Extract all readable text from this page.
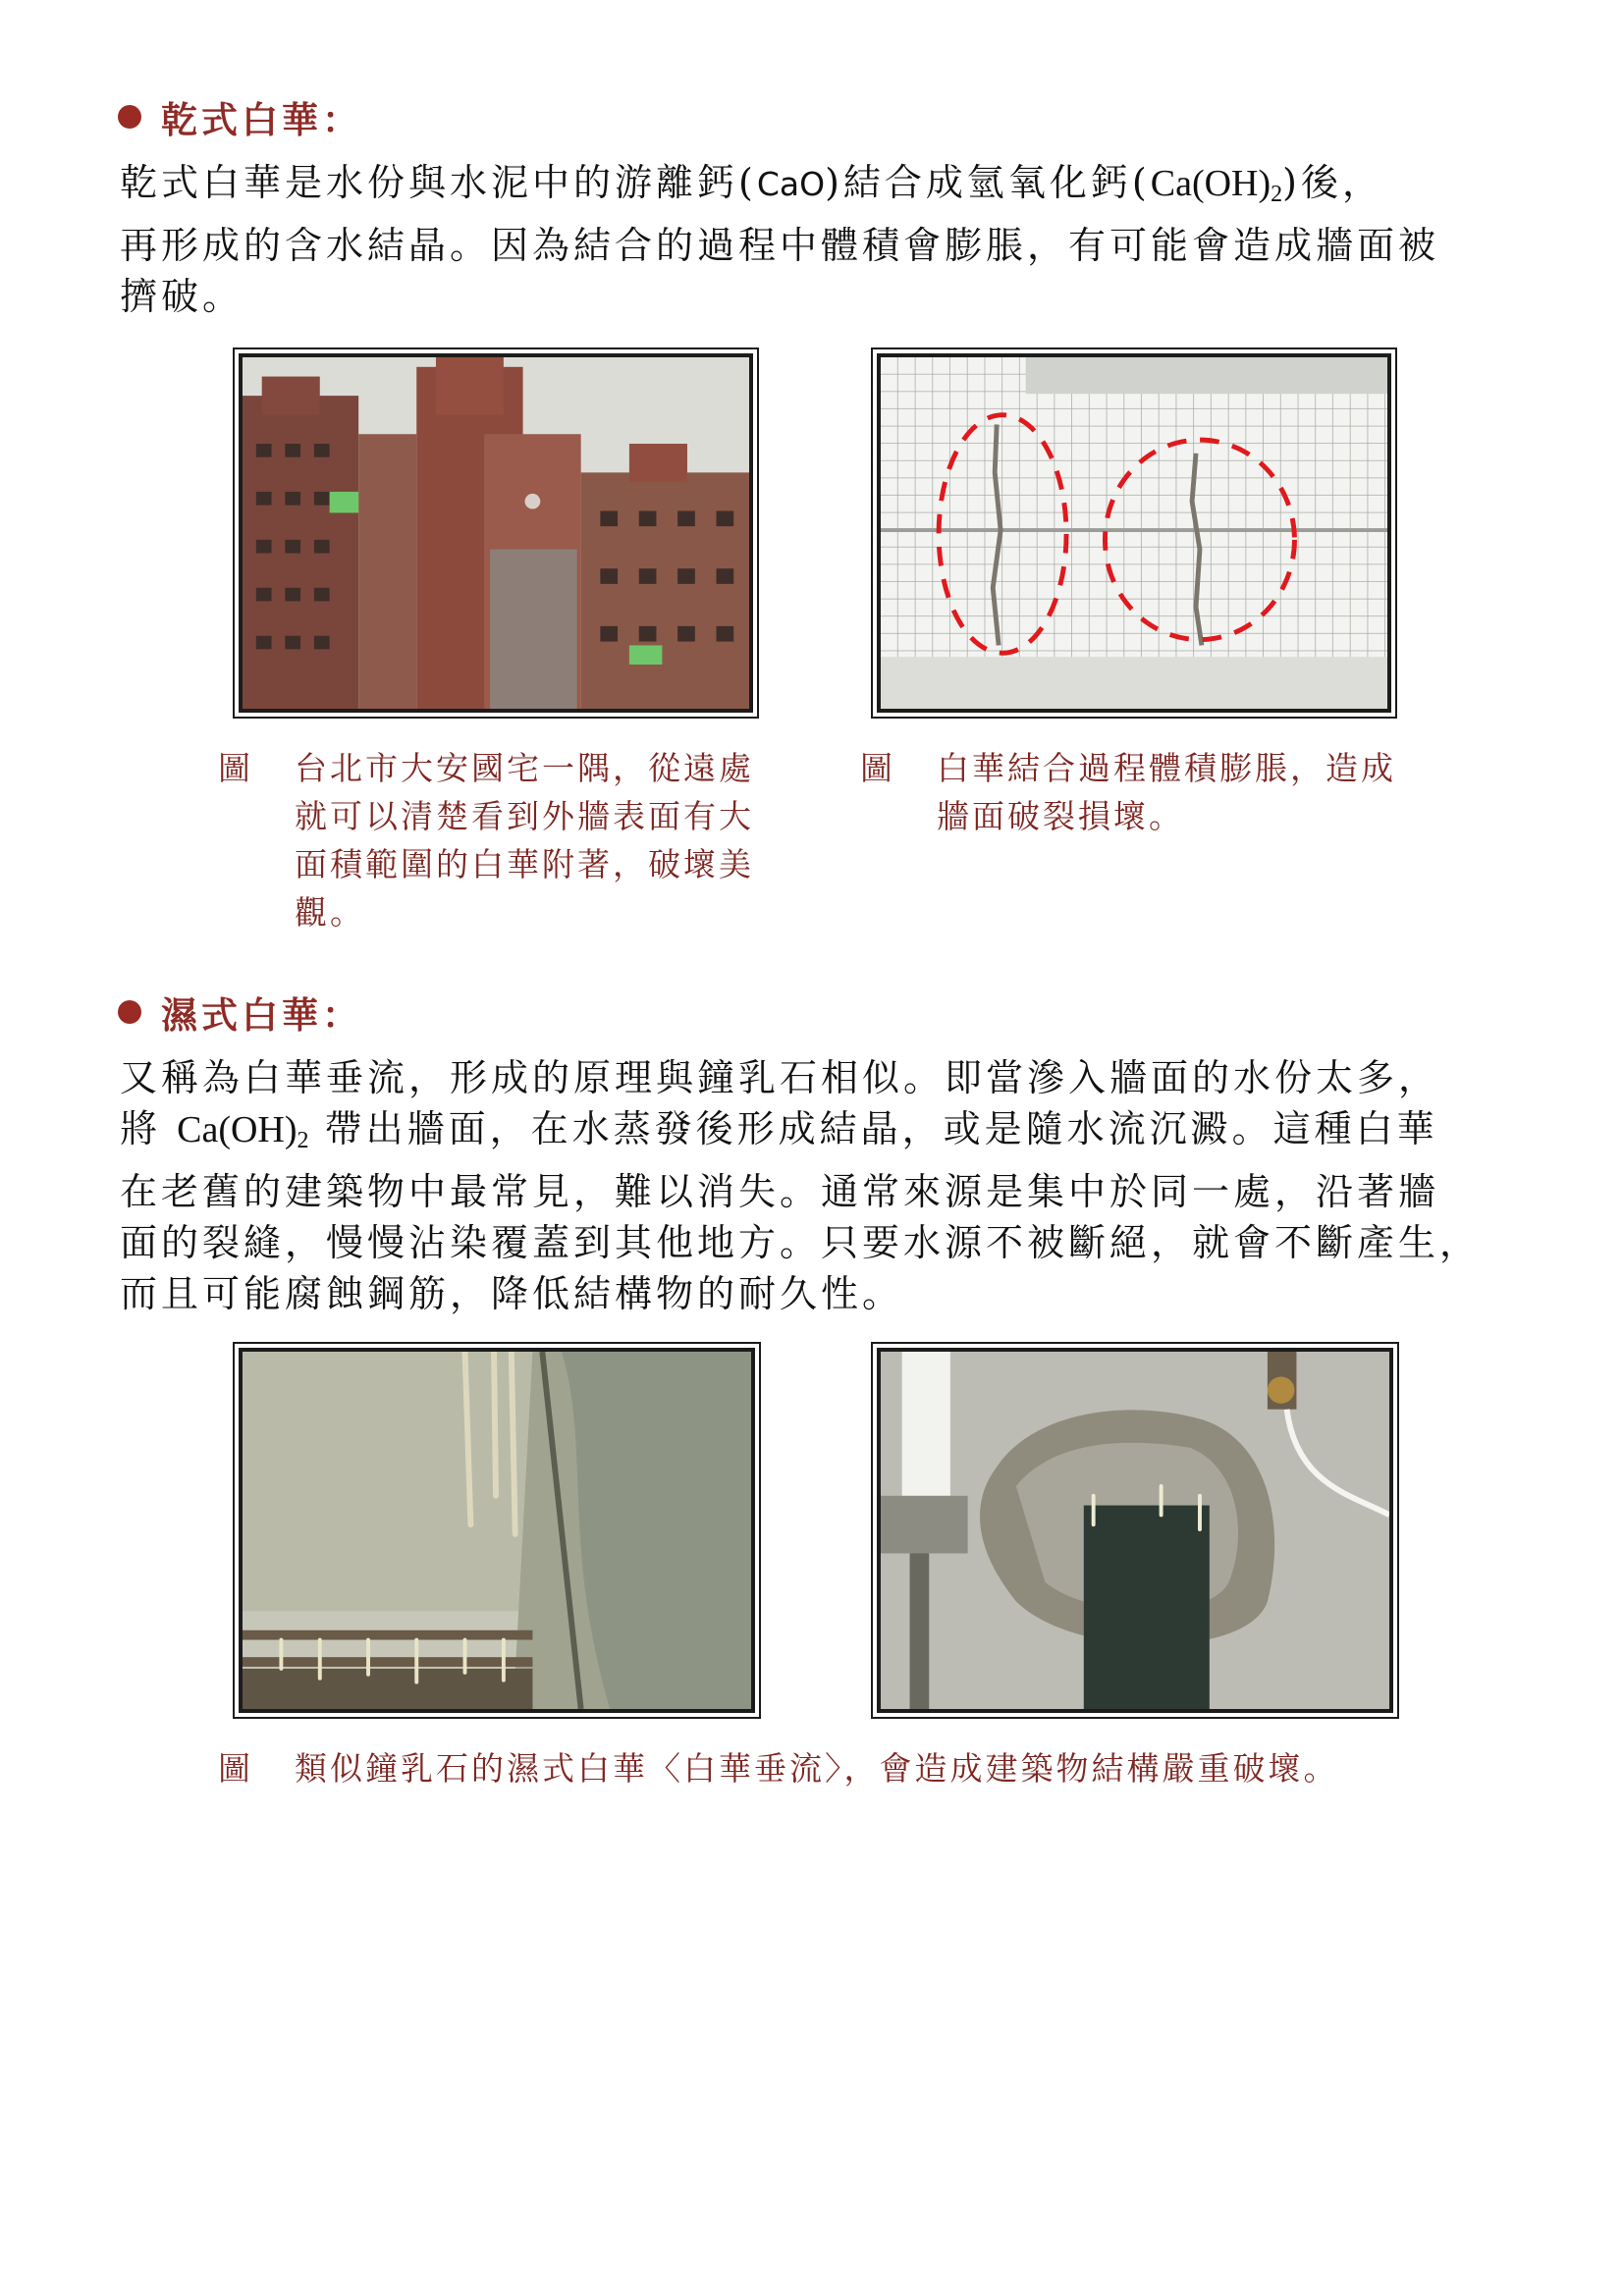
乾式白華：
乾式白華是水份與水泥中的游離鈣(CaO)結合成氫氧化鈣$(Ca(OH)_2)$後，
再形成的含水結晶。因為結合的過程中體積會膨脹，有可能會造成牆面被
擠破。
圖	台北市大安國宅一隅，從遠處就可以清楚看到外牆表面有大面積範圍的白華附著，破壞美觀。
圖	白華結合過程體積膨脹，造成牆面破裂損壞。
濕式白華：
又稱為白華垂流，形成的原理與鐘乳石相似。即當滲入牆面的水份太多，
將 $Ca(OH)_2$ 帶出牆面，在水蒸發後形成結晶，或是隨水流沉澱。這種白華
在老舊的建築物中最常見，難以消失。通常來源是集中於同一處，沿著牆
面的裂縫，慢慢沾染覆蓋到其他地方。只要水源不被斷絕，就會不斷產生，
而且可能腐蝕鋼筋，降低結構物的耐久性。
圖	類似鐘乳石的濕式白華〈白華垂流〉，會造成建築物結構嚴重破壞。
